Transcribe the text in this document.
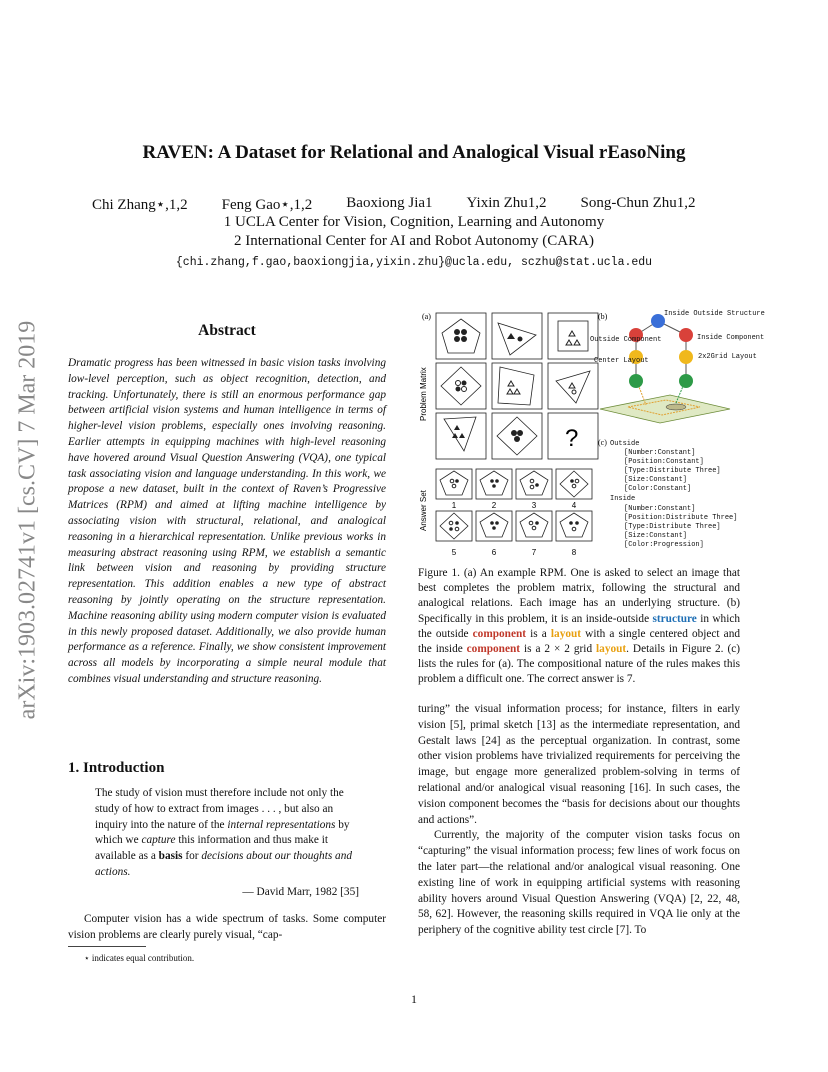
RAVEN: A Dataset for Relational and Analogical Visual rEasoNing
Chi Zhang⋆,1,2 Feng Gao⋆,1,2 Baoxiong Jia1 Yixin Zhu1,2 Song-Chun Zhu1,2
1 UCLA Center for Vision, Cognition, Learning and Autonomy
2 International Center for AI and Robot Autonomy (CARA)
{chi.zhang,f.gao,baoxiongjia,yixin.zhu}@ucla.edu, sczhu@stat.ucla.edu
arXiv:1903.02741v1 [cs.CV] 7 Mar 2019	Abstract
Dramatic progress has been witnessed in basic vision tasks involving low-level perception, such as object recognition, detection, and tracking. Unfortunately, there is still an enormous performance gap between artificial vision systems and human intelligence in terms of higher-level vision problems, especially ones involving reasoning. Earlier attempts in equipping machines with high-level reasoning have hovered around Visual Question Answering (VQA), one typical task associating vision and language understanding. In this work, we propose a new dataset, built in the context of Raven’s Progressive Matrices (RPM) and aimed at lifting machine intelligence by associating vision with structural, relational, and analogical reasoning in a hierarchical representation. Unlike previous works in measuring abstract reasoning using RPM, we establish a semantic link between vision and reasoning by providing structure representation. This addition enables a new type of abstract reasoning by jointly operating on the structure representation. Machine reasoning ability using modern computer vision is evaluated in this newly proposed dataset. Additionally, we also provide human performance as a reference. Finally, we show consistent improvement across all models by incorporating a simple neural module that combines visual understanding and structure reasoning.
1. Introduction
The study of vision must therefore include not only the study of how to extract from images . . . , but also an inquiry into the nature of the internal representations by which we capture this information and thus make it available as a basis for decisions about our thoughts and actions.
— David Marr, 1982 [35]
Computer vision has a wide spectrum of tasks. Some computer vision problems are clearly purely visual, “cap-
⋆ indicates equal contribution.
(a)	(b)
Problem Matrix
Answer Set
?
1	2	3	4
5	6	7	8
Inside Outside Structure
Outside Component	Inside Component
Center Layout	2x2Grid Layout
(c) Outside
[Number:Constant]
[Position:Constant]
[Type:Distribute Three]
[Size:Constant]
[Color:Constant]
Inside
[Number:Constant]
[Position:Distribute Three]
[Type:Distribute Three]
[Size:Constant]
[Color:Progression]
Figure 1. (a) An example RPM. One is asked to select an image that best completes the problem matrix, following the structural and analogical relations. Each image has an underlying structure. (b) Specifically in this problem, it is an inside-outside structure in which the outside component is a layout with a single centered object and the inside component is a 2 × 2 grid layout. Details in Figure 2. (c) lists the rules for (a). The compositional nature of the rules makes this problem a difficult one. The correct answer is 7.

turing” the visual information process; for instance, filters in early vision [5], primal sketch [13] as the intermediate representation, and Gestalt laws [24] as the perceptual organization. In contrast, some other vision problems have trivialized requirements for perceiving the image, but engage more generalized problem-solving in terms of relational and/or analogical visual reasoning [16]. In such cases, the vision component becomes the “basis for decisions about our thoughts and actions”.

Currently, the majority of the computer vision tasks focus on “capturing” the visual information process; few lines of work focus on the later part—the relational and/or analogical visual reasoning. One existing line of work in equipping artificial systems with reasoning ability hovers around Visual Question Answering (VQA) [2, 22, 48, 58, 62]. However, the reasoning skills required in VQA lie only at the periphery of the cognitive ability test circle [7]. To

1
